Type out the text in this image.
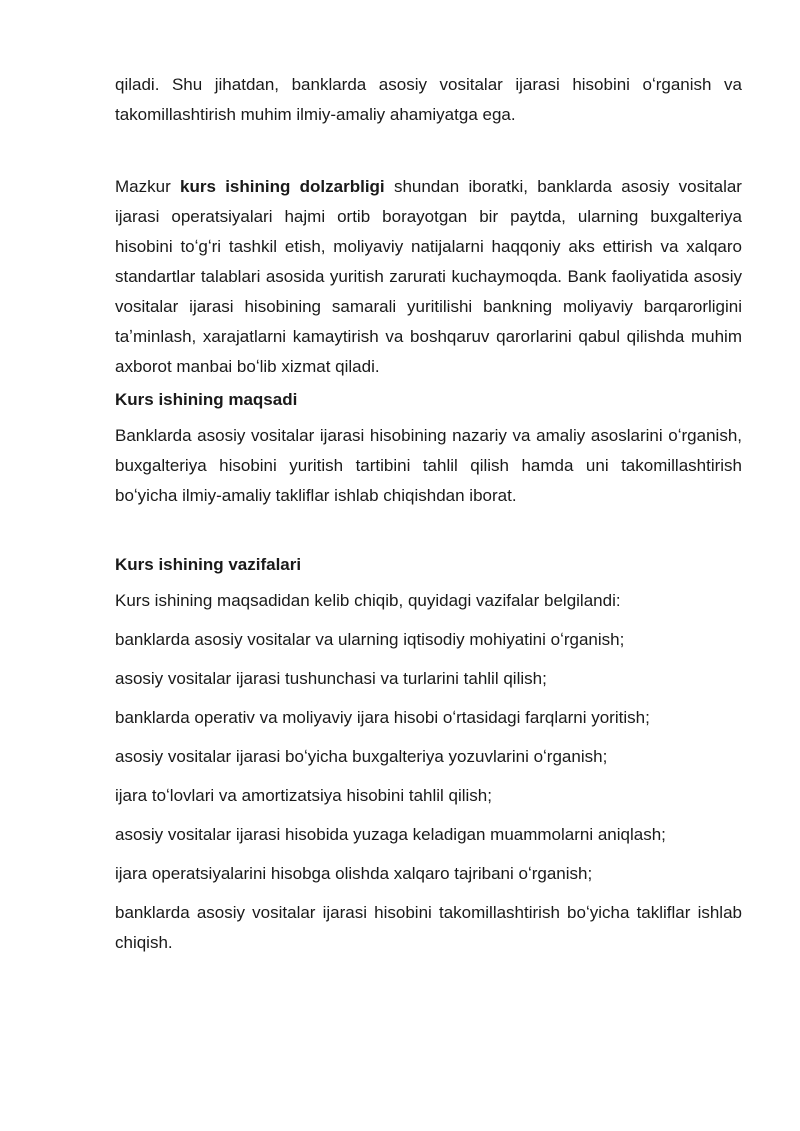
qiladi. Shu jihatdan, banklarda asosiy vositalar ijarasi hisobini oʻrganish va takomillashtirish muhim ilmiy-amaliy ahamiyatga ega.

Mazkur kurs ishining dolzarbligi shundan iboratki, banklarda asosiy vositalar ijarasi operatsiyalari hajmi ortib borayotgan bir paytda, ularning buxgalteriya hisobini toʻgʻri tashkil etish, moliyaviy natijalarni haqqoniy aks ettirish va xalqaro standartlar talablari asosida yuritish zarurati kuchaymoqda. Bank faoliyatida asosiy vositalar ijarasi hisobining samarali yuritilishi bankning moliyaviy barqarorligini taʼminlash, xarajatlarni kamaytirish va boshqaruv qarorlarini qabul qilishda muhim axborot manbai boʻlib xizmat qiladi.

Kurs ishining maqsadi

Banklarda asosiy vositalar ijarasi hisobining nazariy va amaliy asoslarini oʻrganish, buxgalteriya hisobini yuritish tartibini tahlil qilish hamda uni takomillashtirish boʻyicha ilmiy-amaliy takliflar ishlab chiqishdan iborat.

Kurs ishining vazifalari

Kurs ishining maqsadidan kelib chiqib, quyidagi vazifalar belgilandi:

banklarda asosiy vositalar va ularning iqtisodiy mohiyatini oʻrganish;

asosiy vositalar ijarasi tushunchasi va turlarini tahlil qilish;

banklarda operativ va moliyaviy ijara hisobi oʻrtasidagi farqlarni yoritish;

asosiy vositalar ijarasi boʻyicha buxgalteriya yozuvlarini oʻrganish;

ijara toʻlovlari va amortizatsiya hisobini tahlil qilish;

asosiy vositalar ijarasi hisobida yuzaga keladigan muammolarni aniqlash;

ijara operatsiyalarini hisobga olishda xalqaro tajribani oʻrganish;

banklarda asosiy vositalar ijarasi hisobini takomillashtirish boʻyicha takliflar ishlab chiqish.
